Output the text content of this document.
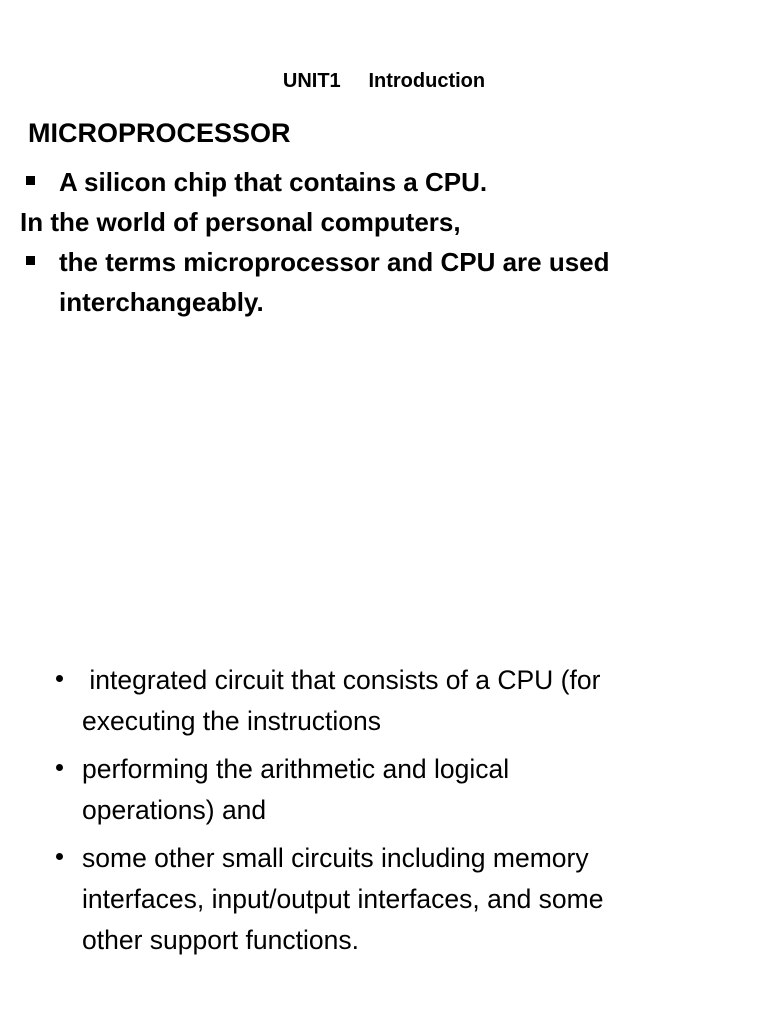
UNIT1     Introduction
MICROPROCESSOR
A silicon chip that contains a CPU.
In the world of personal computers,
the terms microprocessor and CPU are used
interchangeably.
integrated circuit that consists of a CPU (for
executing the instructions
performing the arithmetic and logical
operations) and
some other small circuits including memory
interfaces, input/output interfaces, and some
other support functions.
